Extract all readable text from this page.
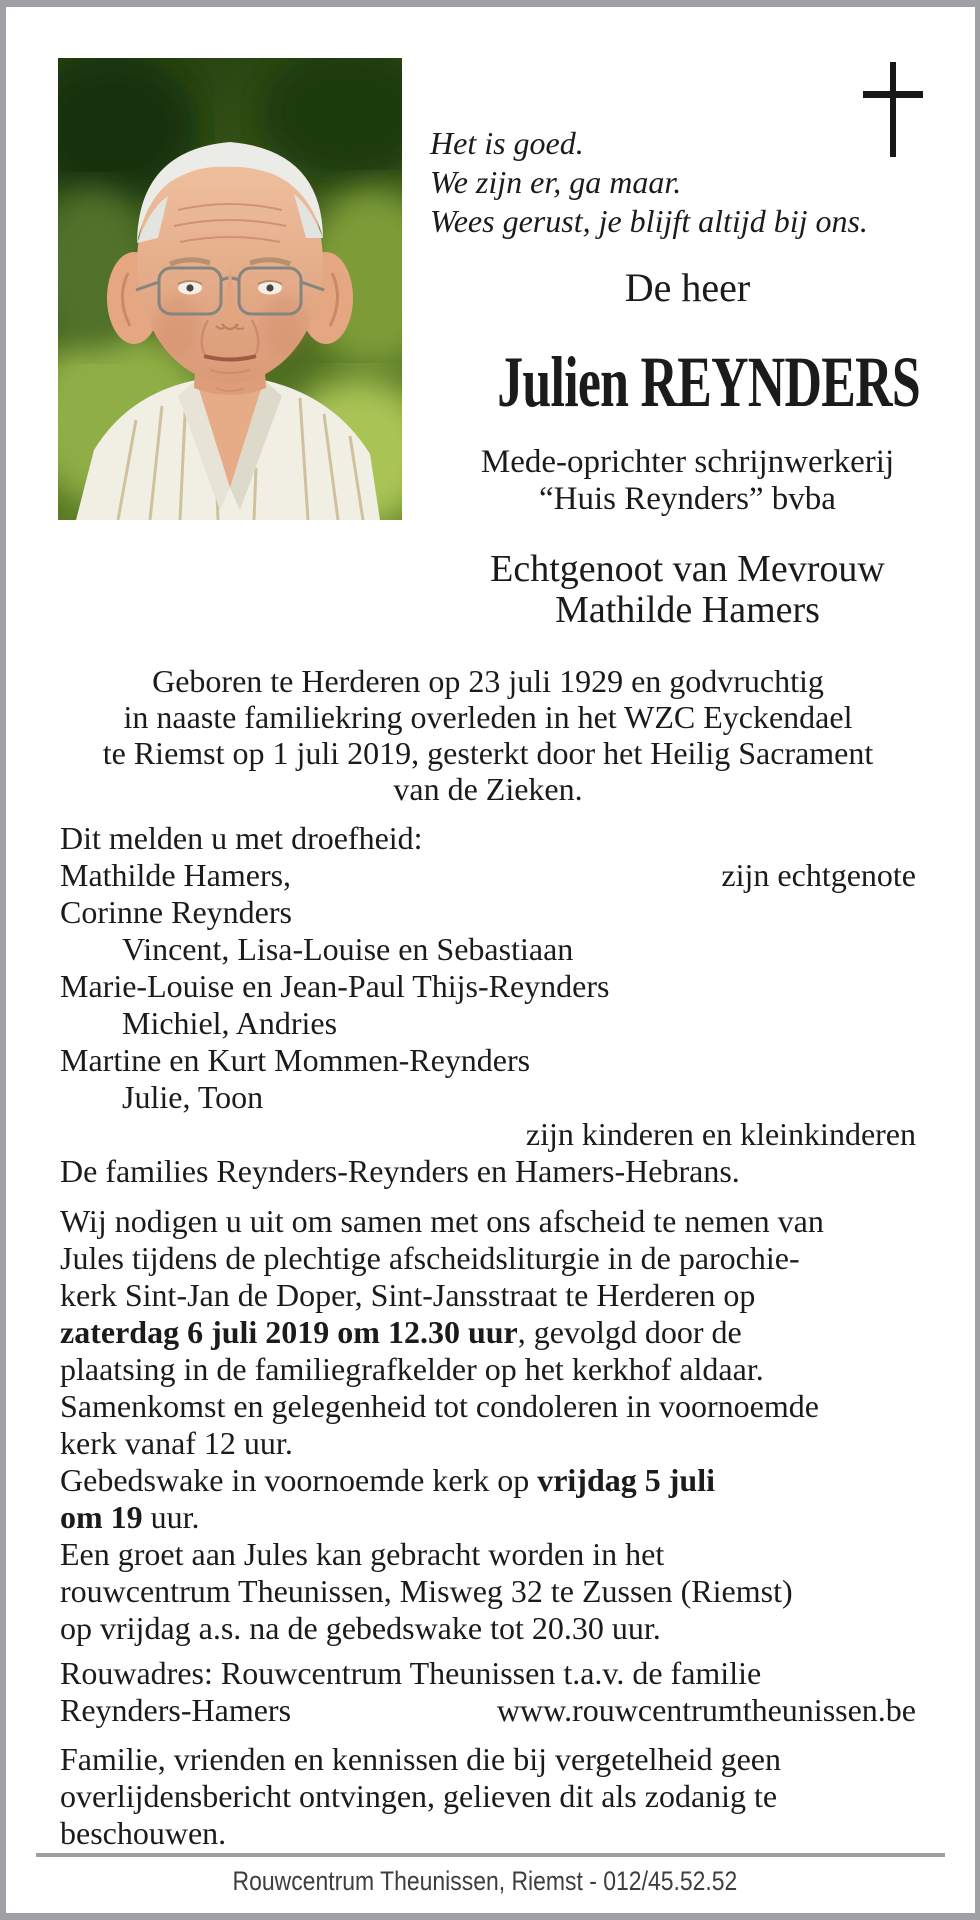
Het is goed.
We zijn er, ga maar.
Wees gerust, je blijft altijd bij ons.
De heer
Julien REYNDERS
Mede-oprichter schrijnwerkerij
“Huis Reynders” bvba
Echtgenoot van Mevrouw
Mathilde Hamers
Geboren te Herderen op 23 juli 1929 en godvruchtig
in naaste familiekring overleden in het WZC Eyckendael
te Riemst op 1 juli 2019, gesterkt door het Heilig Sacrament
van de Zieken.
Dit melden u met droefheid:
Mathilde Hamers,	zijn echtgenote
Corinne Reynders
Vincent, Lisa-Louise en Sebastiaan
Marie-Louise en Jean-Paul Thijs-Reynders
Michiel, Andries
Martine en Kurt Mommen-Reynders
Julie, Toon
zijn kinderen en kleinkinderen
De families Reynders-Reynders en Hamers-Hebrans.
Wij nodigen u uit om samen met ons afscheid te nemen van
Jules tijdens de plechtige afscheidsliturgie in de parochie-
kerk Sint-Jan de Doper, Sint-Jansstraat te Herderen op
zaterdag 6 juli 2019 om 12.30 uur, gevolgd door de
plaatsing in de familiegrafkelder op het kerkhof aldaar.
Samenkomst en gelegenheid tot condoleren in voornoemde
kerk vanaf 12 uur.
Gebedswake in voornoemde kerk op vrijdag 5 juli
om 19 uur.
Een groet aan Jules kan gebracht worden in het
rouwcentrum Theunissen, Misweg 32 te Zussen (Riemst)
op vrijdag a.s. na de gebedswake tot 20.30 uur.
Rouwadres: Rouwcentrum Theunissen t.a.v. de familie
Reynders-Hamers	www.rouwcentrumtheunissen.be
Familie, vrienden en kennissen die bij vergetelheid geen
overlijdensbericht ontvingen, gelieven dit als zodanig te
beschouwen.
Rouwcentrum Theunissen, Riemst - 012/45.52.52
